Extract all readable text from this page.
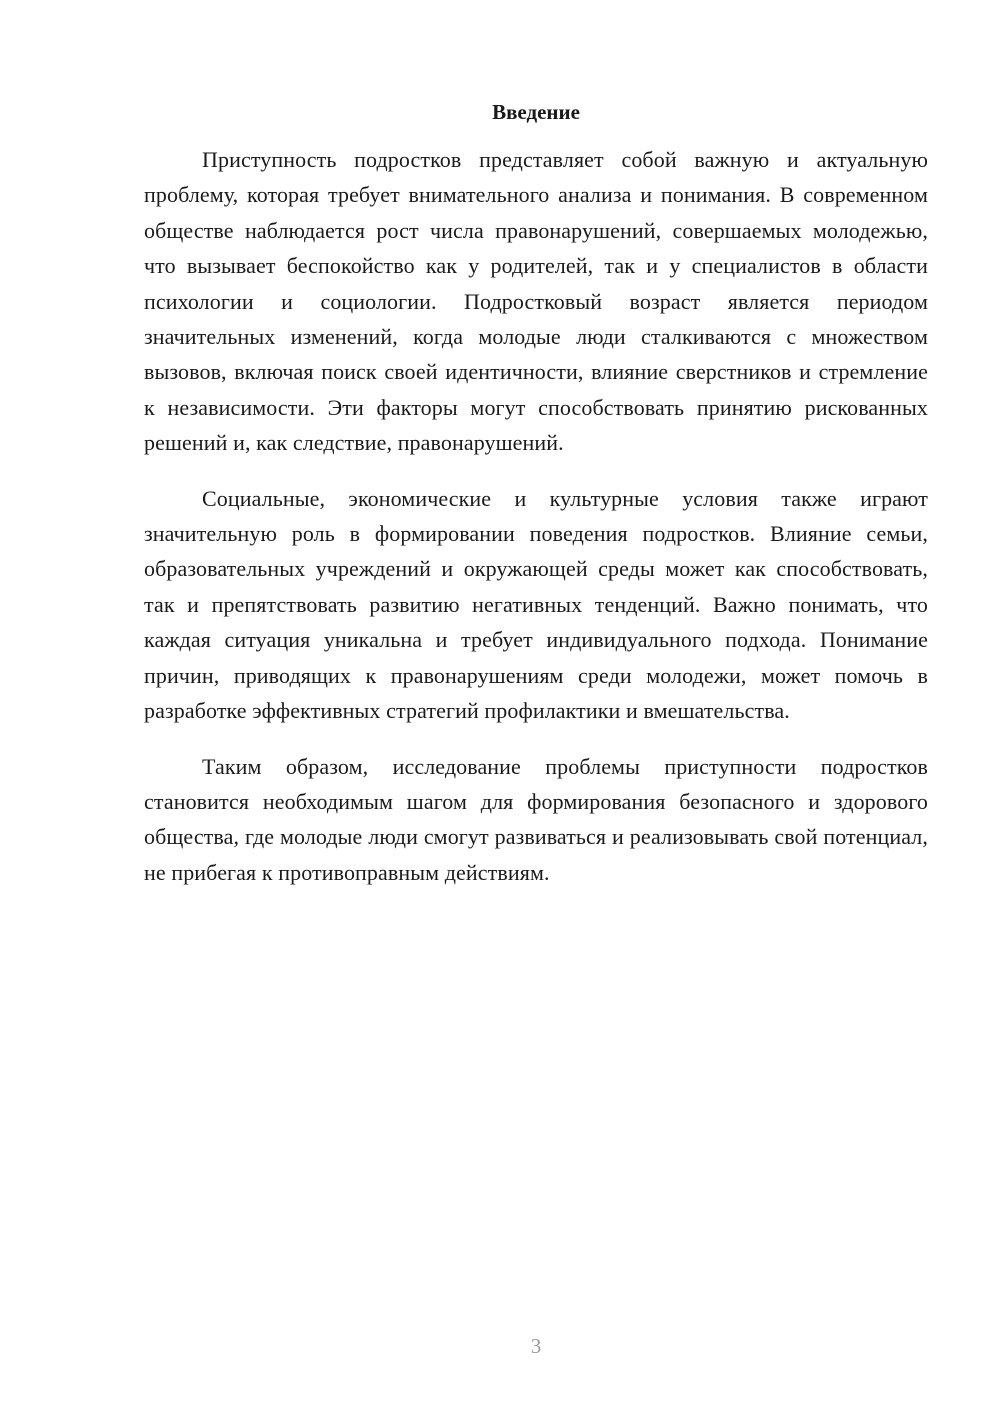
Введение

Приступность подростков представляет собой важную и актуальную проблему, которая требует внимательного анализа и понимания. В современном обществе наблюдается рост числа правонарушений, совершаемых молодежью, что вызывает беспокойство как у родителей, так и у специалистов в области психологии и социологии. Подростковый возраст является периодом значительных изменений, когда молодые люди сталкиваются с множеством вызовов, включая поиск своей идентичности, влияние сверстников и стремление к независимости. Эти факторы могут способствовать принятию рискованных решений и, как следствие, правонарушений.

Социальные, экономические и культурные условия также играют значительную роль в формировании поведения подростков. Влияние семьи, образовательных учреждений и окружающей среды может как способствовать, так и препятствовать развитию негативных тенденций. Важно понимать, что каждая ситуация уникальна и требует индивидуального подхода. Понимание причин, приводящих к правонарушениям среди молодежи, может помочь в разработке эффективных стратегий профилактики и вмешательства.

Таким образом, исследование проблемы приступности подростков становится необходимым шагом для формирования безопасного и здорового общества, где молодые люди смогут развиваться и реализовывать свой потенциал, не прибегая к противоправным действиям.

3
